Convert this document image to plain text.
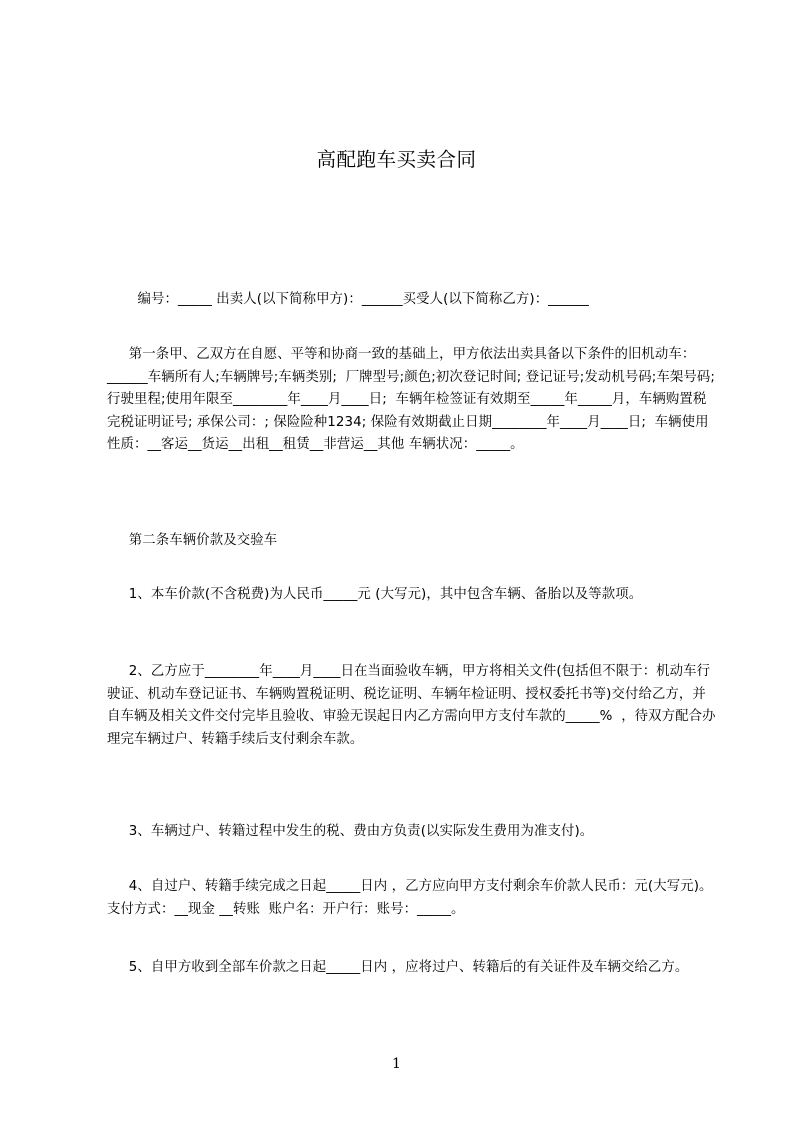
高配跑车买卖合同
编号：_____ 出卖人(以下简称甲方)：______买受人(以下简称乙方)：______
第一条甲、乙双方在自愿、平等和协商一致的基础上，甲方依法出卖具备以下条件的旧机动车：______车辆所有人;车辆牌号;车辆类别;  厂牌型号;颜色;初次登记时间; 登记证号;发动机号码;车架号码; 行驶里程;使用年限至________年____月____日;  车辆年检签证有效期至_____年_____月，车辆购置税完税证明证号; 承保公司：; 保险险种1234; 保险有效期截止日期________年____月____日;  车辆使用性质：__客运__货运__出租__租赁__非营运__其他 车辆状况：_____。
第二条车辆价款及交验车
1、本车价款(不含税费)为人民币_____元 (大写元)，其中包含车辆、备胎以及等款项。
2、乙方应于________年____月____日在当面验收车辆，甲方将相关文件(包括但不限于：机动车行驶证、机动车登记证书、车辆购置税证明、税讫证明、车辆年检证明、授权委托书等)交付给乙方，并自车辆及相关文件交付完毕且验收、审验无误起日内乙方需向甲方支付车款的_____%  ，待双方配合办理完车辆过户、转籍手续后支付剩余车款。
3、车辆过户、转籍过程中发生的税、费由方负责(以实际发生费用为准支付)。
4、自过户、转籍手续完成之日起_____日内 ，乙方应向甲方支付剩余车价款人民币：元(大写元)。 支付方式：__现金 __转账  账户名：开户行：账号：_____。
5、自甲方收到全部车价款之日起_____日内 ，应将过户、转籍后的有关证件及车辆交给乙方。
1
